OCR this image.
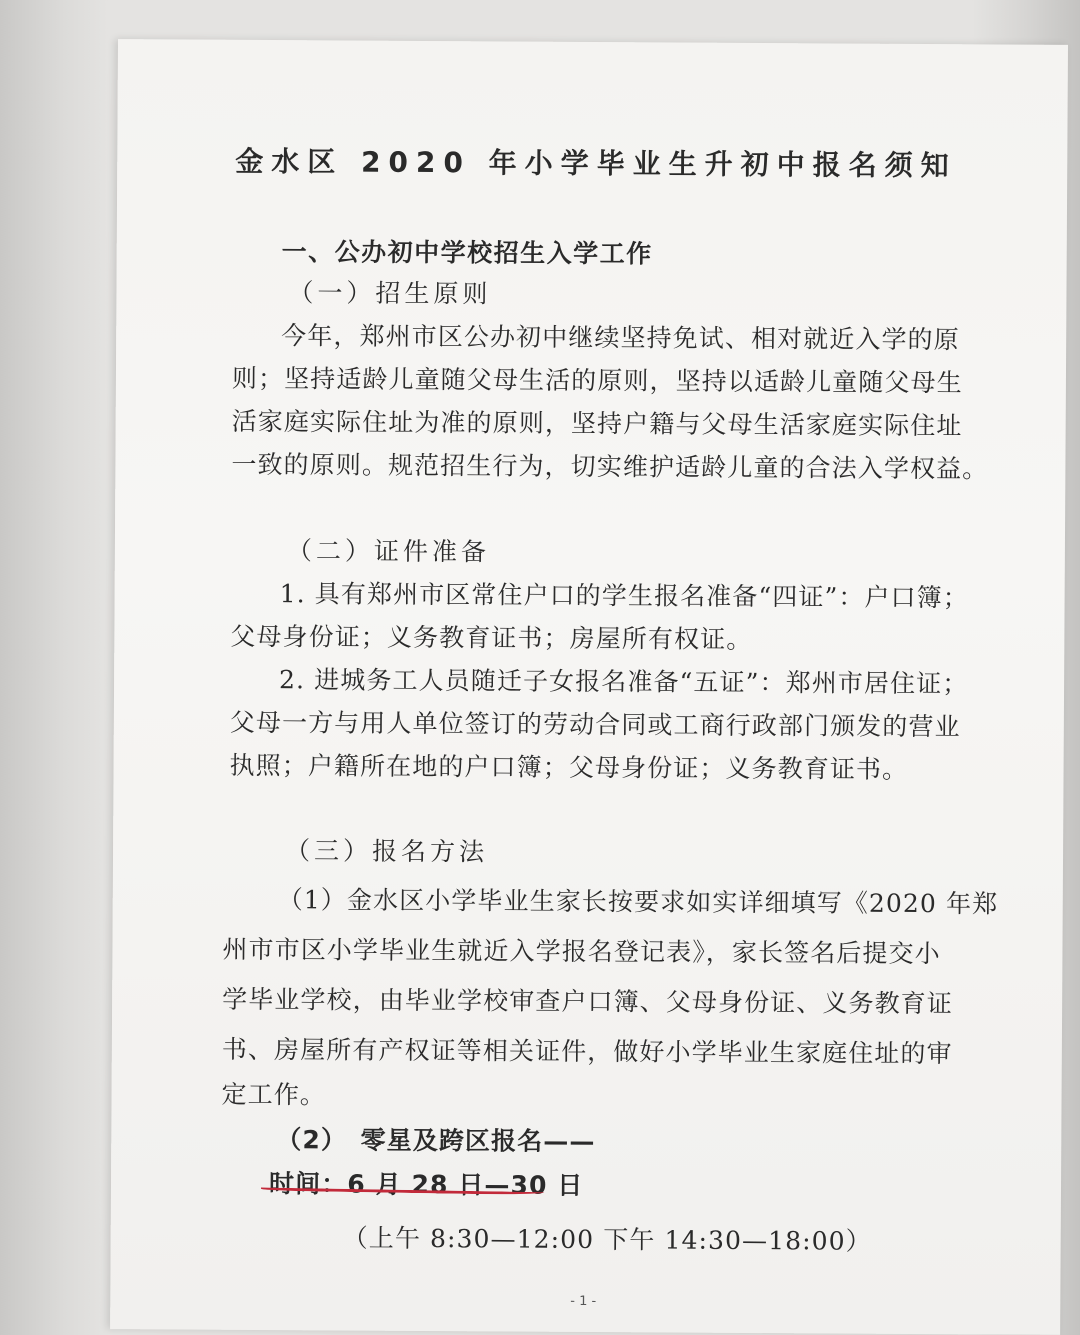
金水区 2020 年小学毕业生升初中报名须知
一、公办初中学校招生入学工作
（一）招生原则
今年，郑州市区公办初中继续坚持免试、相对就近入学的原
则；坚持适龄儿童随父母生活的原则，坚持以适龄儿童随父母生
活家庭实际住址为准的原则，坚持户籍与父母生活家庭实际住址
一致的原则。规范招生行为，切实维护适龄儿童的合法入学权益。
（二）证件准备
1. 具有郑州市区常住户口的学生报名准备“四证”：户口簿；
父母身份证；义务教育证书；房屋所有权证。
2. 进城务工人员随迁子女报名准备“五证”：郑州市居住证；
父母一方与用人单位签订的劳动合同或工商行政部门颁发的营业
执照；户籍所在地的户口簿；父母身份证；义务教育证书。
（三）报名方法
（1）金水区小学毕业生家长按要求如实详细填写《2020 年郑
州市市区小学毕业生就近入学报名登记表》，家长签名后提交小
学毕业学校，由毕业学校审查户口簿、父母身份证、义务教育证
书、房屋所有产权证等相关证件，做好小学毕业生家庭住址的审
定工作。
（2）　零星及跨区报名——
时间：6 月 28 日—30 日
（上午 8:30—12:00 下午 14:30—18:00）
- 1 -
